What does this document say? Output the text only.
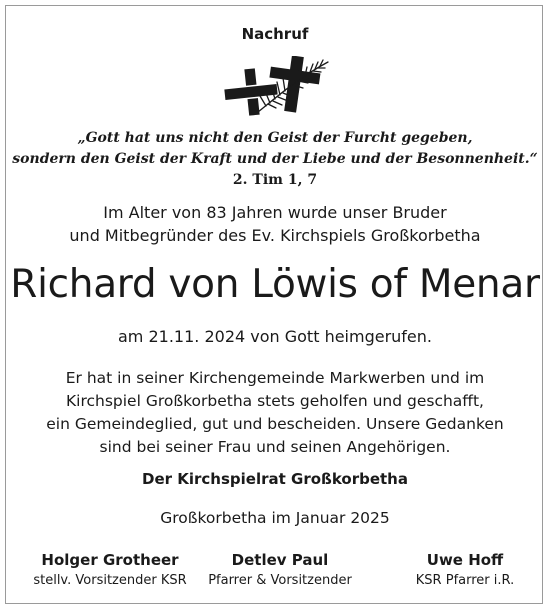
Nachruf
„Gott hat uns nicht den Geist der Furcht gegeben,
sondern den Geist der Kraft und der Liebe und der Besonnenheit.“
2. Tim 1, 7
Im Alter von 83 Jahren wurde unser Bruder
und Mitbegründer des Ev. Kirchspiels Großkorbetha
Richard von Löwis of Menar
am 21.11. 2024 von Gott heimgerufen.
Er hat in seiner Kirchengemeinde Markwerben und im
Kirchspiel Großkorbetha stets geholfen und geschafft,
ein Gemeindeglied, gut und bescheiden. Unsere Gedanken
sind bei seiner Frau und seinen Angehörigen.
Der Kirchspielrat Großkorbetha
Großkorbetha im Januar 2025
Holger Grotheer
stellv. Vorsitzender KSR
Detlev Paul
Pfarrer & Vorsitzender
Uwe Hoff
KSR Pfarrer i.R.
